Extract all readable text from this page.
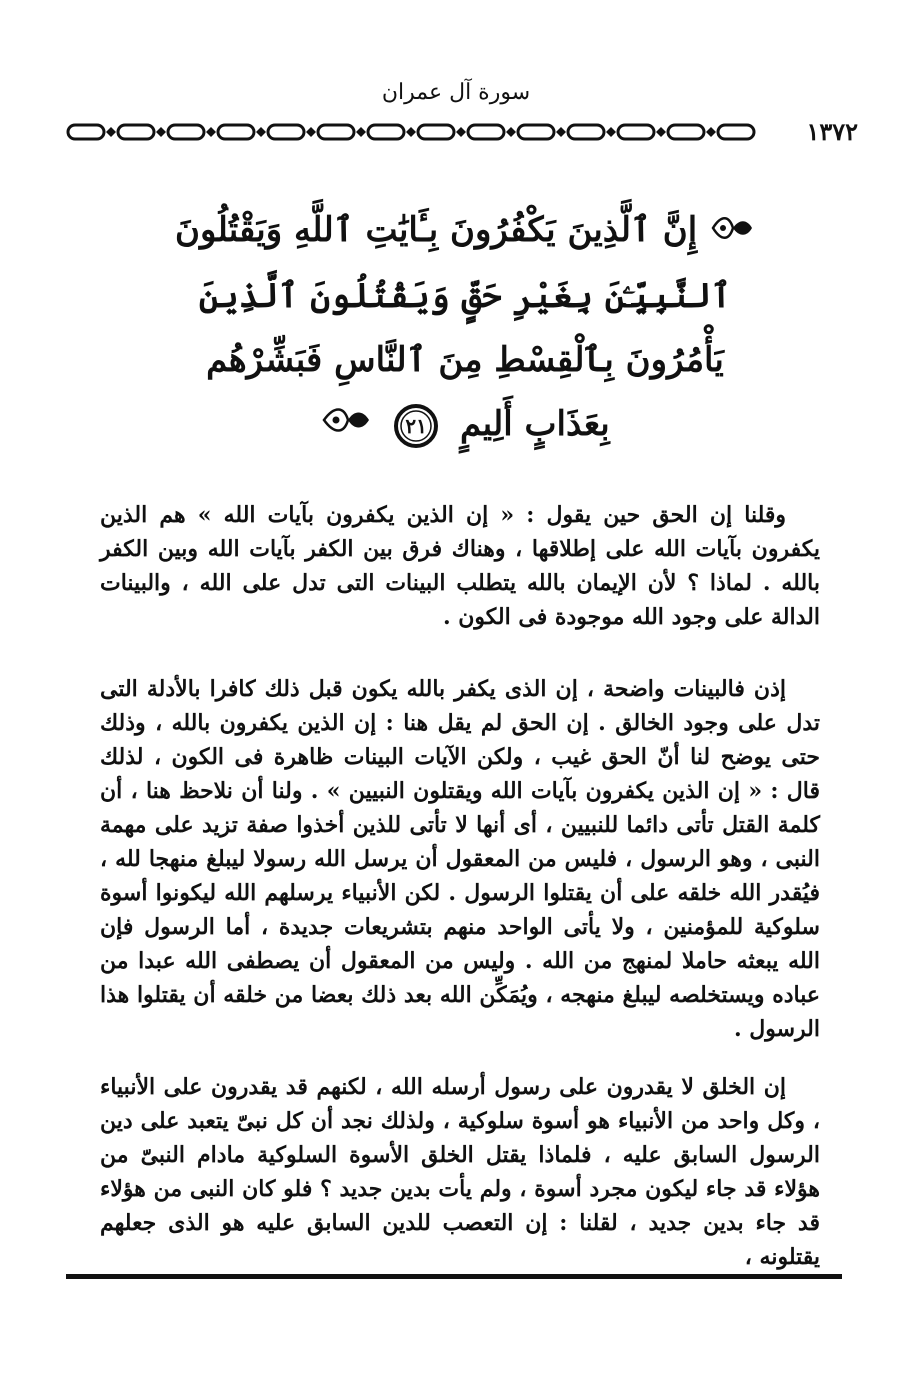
سورة آل عمران
١٣٧٢
إِنَّ ٱلَّذِينَ يَكْفُرُونَ بِـَٔايَٰتِ ٱللَّهِ وَيَقْتُلُونَ
ٱلنَّبِيِّـۧنَ بِغَيْرِ حَقٍّ وَيَقْتُلُونَ ٱلَّذِينَ
يَأْمُرُونَ بِٱلْقِسْطِ مِنَ ٱلنَّاسِ فَبَشِّرْهُم
بِعَذَابٍ أَلِيمٍ
٢١

وقلنا إن الحق حين يقول : « إن الذين يكفرون بآيات الله » هم الذين يكفرون بآيات الله على إطلاقها ، وهناك فرق بين الكفر بآيات الله وبين الكفر بالله . لماذا ؟ لأن الإيمان بالله يتطلب البينات التى تدل على الله ، والبينات الدالة على وجود الله موجودة فى الكون .

إذن فالبينات واضحة ، إن الذى يكفر بالله يكون قبل ذلك كافرا بالأدلة التى تدل على وجود الخالق . إن الحق لم يقل هنا : إن الذين يكفرون بالله ، وذلك حتى يوضح لنا أنّ الحق غيب ، ولكن الآيات البينات ظاهرة فى الكون ، لذلك قال : « إن الذين يكفرون بآيات الله ويقتلون النبيين » . ولنا أن نلاحظ هنا ، أن كلمة القتل تأتى دائما للنبيين ، أى أنها لا تأتى للذين أخذوا صفة تزيد على مهمة النبى ، وهو الرسول ، فليس من المعقول أن يرسل الله رسولا ليبلغ منهجا لله ، فيُقدر الله خلقه على أن يقتلوا الرسول . لكن الأنبياء يرسلهم الله ليكونوا أسوة سلوكية للمؤمنين ، ولا يأتى الواحد منهم بتشريعات جديدة ، أما الرسول فإن الله يبعثه حاملا لمنهج من الله . وليس من المعقول أن يصطفى الله عبدا من عباده ويستخلصه ليبلغ منهجه ، ويُمَكِّن الله بعد ذلك بعضا من خلقه أن يقتلوا هذا الرسول .

إن الخلق لا يقدرون على رسول أرسله الله ، لكنهم قد يقدرون على الأنبياء ، وكل واحد من الأنبياء هو أسوة سلوكية ، ولذلك نجد أن كل نبىّ يتعبد على دين الرسول السابق عليه ، فلماذا يقتل الخلق الأسوة السلوكية مادام النبىّ من هؤلاء قد جاء ليكون مجرد أسوة ، ولم يأت بدين جديد ؟ فلو كان النبى من هؤلاء قد جاء بدين جديد ، لقلنا : إن التعصب للدين السابق عليه هو الذى جعلهم يقتلونه ،
